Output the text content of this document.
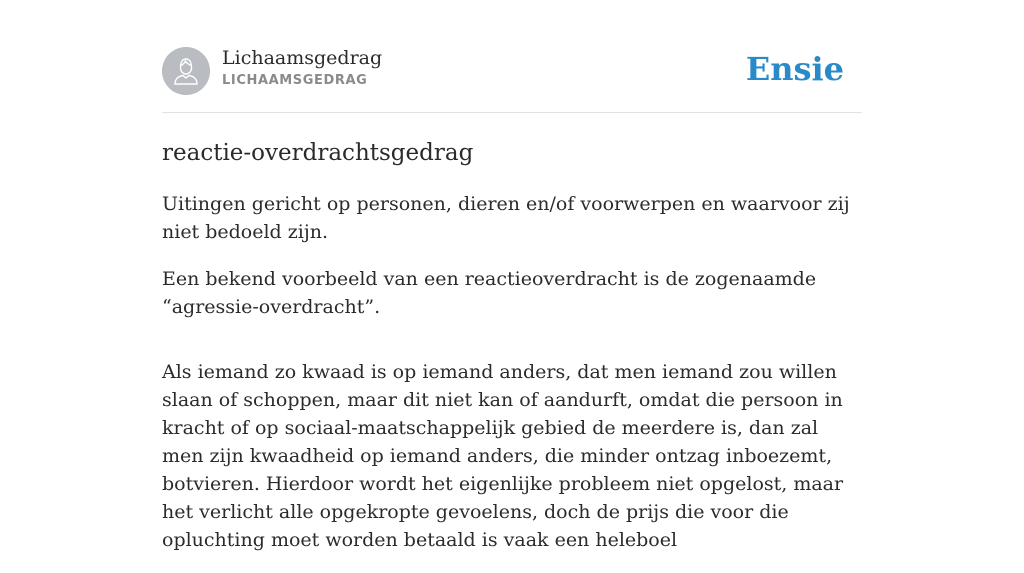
Lichaamsgedrag
LICHAAMSGEDRAG	Ensie
reactie-overdrachtsgedrag

Uitingen gericht op personen, dieren en/of voorwerpen en waarvoor zij niet bedoeld zijn.

Een bekend voorbeeld van een reactieoverdracht is de zogenaamde “agressie-overdracht”.

Als iemand zo kwaad is op iemand anders, dat men iemand zou willen slaan of schoppen, maar dit niet kan of aandurft, omdat die persoon in kracht of op sociaal-maatschappelijk gebied de meerdere is, dan zal men zijn kwaadheid op iemand anders, die minder ontzag inboezemt, botvieren. Hierdoor wordt het eigenlijke probleem niet opgelost, maar het verlicht alle opgekropte gevoelens, doch de prijs die voor die opluchting moet worden betaald is vaak een heleboel
